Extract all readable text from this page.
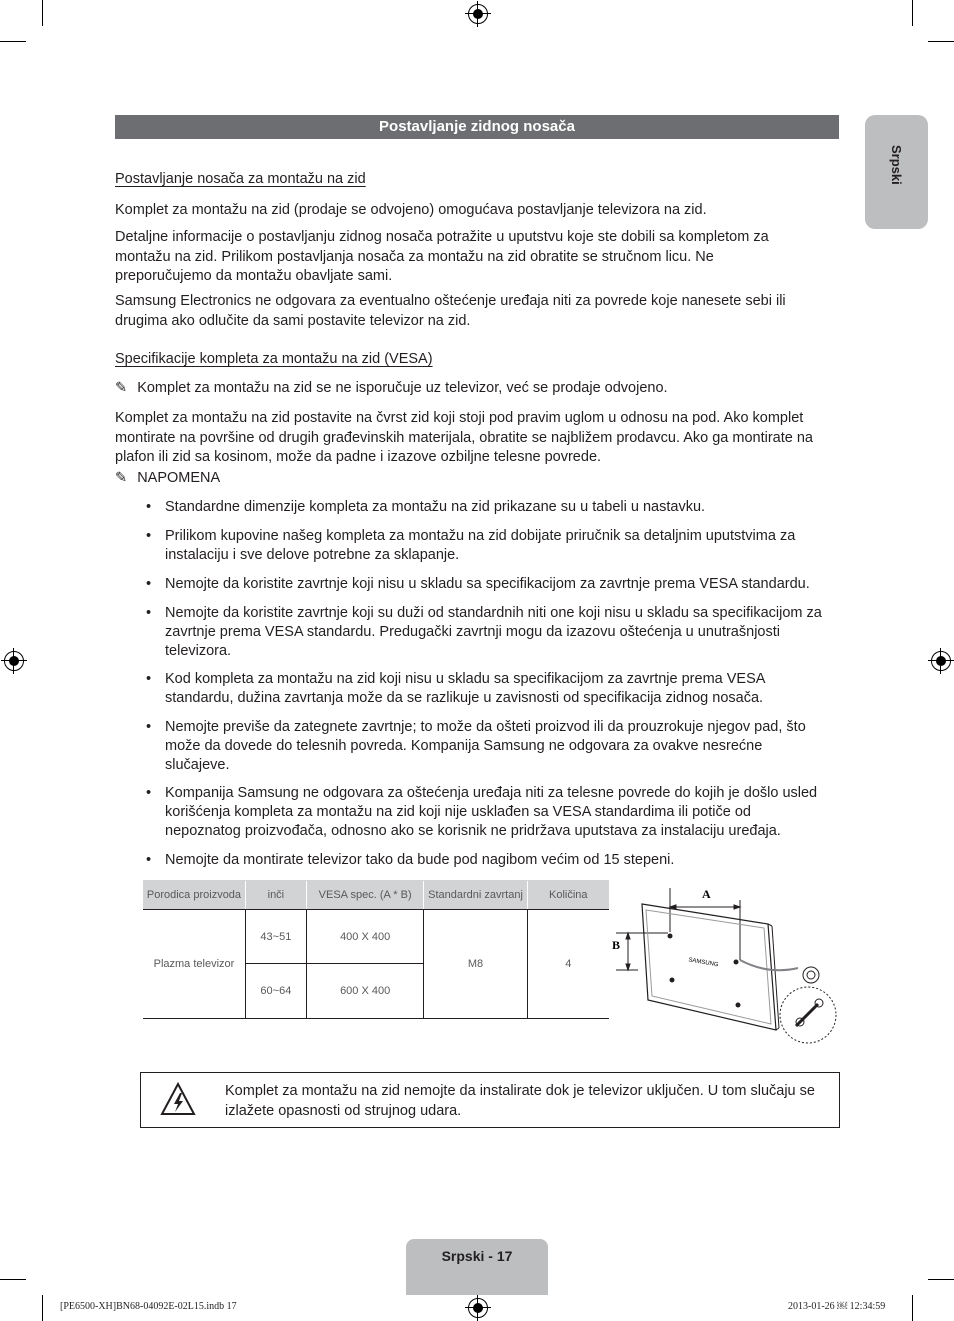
Postavljanje zidnog nosača
Srpski
Postavljanje nosača za montažu na zid
Komplet za montažu na zid (prodaje se odvojeno) omogućava postavljanje televizora na zid.
Detaljne informacije o postavljanju zidnog nosača potražite u uputstvu koje ste dobili sa kompletom za montažu na zid. Prilikom postavljanja nosača za montažu na zid obratite se stručnom licu. Ne preporučujemo da montažu obavljate sami.
Samsung Electronics ne odgovara za eventualno oštećenje uređaja niti za povrede koje nanesete sebi ili drugima ako odlučite da sami postavite televizor na zid.
Specifikacije kompleta za montažu na zid (VESA)
✎ Komplet za montažu na zid se ne isporučuje uz televizor, već se prodaje odvojeno.
Komplet za montažu na zid postavite na čvrst zid koji stoji pod pravim uglom u odnosu na pod. Ako komplet montirate na površine od drugih građevinskih materijala, obratite se najbližem prodavcu. Ako ga montirate na plafon ili zid sa kosinom, može da padne i izazove ozbiljne telesne povrede.
✎ NAPOMENA
• Standardne dimenzije kompleta za montažu na zid prikazane su u tabeli u nastavku.
• Prilikom kupovine našeg kompleta za montažu na zid dobijate priručnik sa detaljnim uputstvima za instalaciju i sve delove potrebne za sklapanje.
• Nemojte da koristite zavrtnje koji nisu u skladu sa specifikacijom za zavrtnje prema VESA standardu.
• Nemojte da koristite zavrtnje koji su duži od standardnih niti one koji nisu u skladu sa specifikacijom za zavrtnje prema VESA standardu. Predugački zavrtnji mogu da izazovu oštećenja u unutrašnjosti televizora.
• Kod kompleta za montažu na zid koji nisu u skladu sa specifikacijom za zavrtnje prema VESA standardu, dužina zavrtanja može da se razlikuje u zavisnosti od specifikacija zidnog nosača.
• Nemojte previše da zategnete zavrtnje; to može da ošteti proizvod ili da prouzrokuje njegov pad, što može da dovede do telesnih povreda. Kompanija Samsung ne odgovara za ovakve nesrećne slučajeve.
• Kompanija Samsung ne odgovara za oštećenja uređaja niti za telesne povrede do kojih je došlo usled korišćenja kompleta za montažu na zid koji nije usklađen sa VESA standardima ili potiče od nepoznatog proizvođača, odnosno ako se korisnik ne pridržava uputstava za instalaciju uređaja.
• Nemojte da montirate televizor tako da bude pod nagibom većim od 15 stepeni.
Porodica proizvoda	inči	VESA spec. (A * B)	Standardni zavrtanj	Količina
Plazma televizor	43~51	400 X 400	M8	4
	60~64	600 X 400		
A
B
SAMSUNG
Komplet za montažu na zid nemojte da instalirate dok je televizor uključen. U tom slučaju se izlažete opasnosti od strujnog udara.
Srpski - 17
[PE6500-XH]BN68-04092E-02L15.indb 17	2013-01-26 ￼ 12:34:59
